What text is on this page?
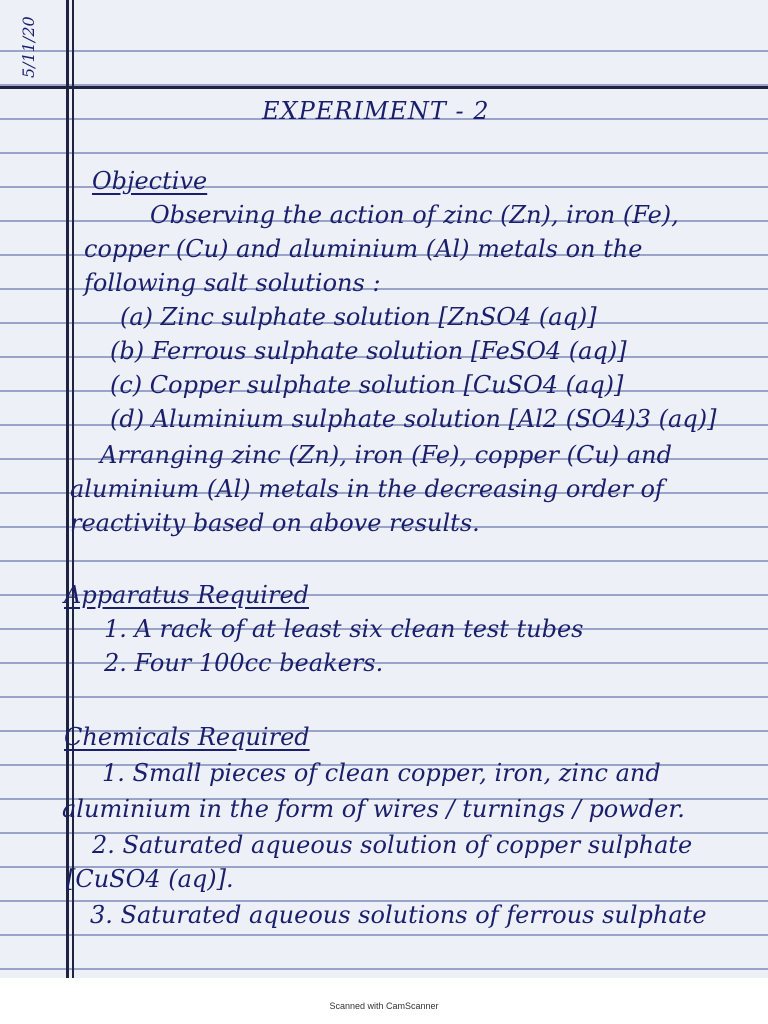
5/11/20
EXPERIMENT - 2
Objective
Observing the action of zinc (Zn), iron (Fe),
copper (Cu) and aluminium (Al) metals on the
following salt solutions :
(a) Zinc sulphate solution [ZnSO4 (aq)]
(b) Ferrous sulphate solution [FeSO4 (aq)]
(c) Copper sulphate solution [CuSO4 (aq)]
(d) Aluminium sulphate solution [Al2 (SO4)3 (aq)]
Arranging zinc (Zn), iron (Fe), copper (Cu) and
aluminium (Al) metals in the decreasing order of
reactivity based on above results.
Apparatus Required
1. A rack of at least six clean test tubes
2. Four 100cc beakers.
Chemicals Required
1. Small pieces of clean copper, iron, zinc and
aluminium in the form of wires / turnings / powder.
2. Saturated aqueous solution of copper sulphate
[CuSO4 (aq)].
3. Saturated aqueous solutions of ferrous sulphate
Scanned with CamScanner
